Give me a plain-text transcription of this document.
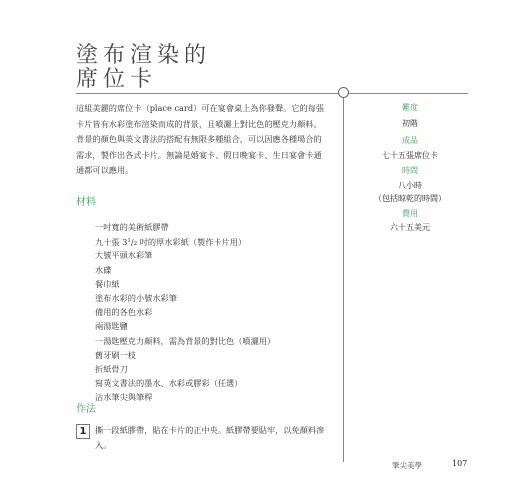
塗布渲染的
席位卡

這組美麗的席位卡（place card）可在宴會桌上為你發聲。它的每張

卡片皆有水彩塗布渲染而成的背景，且噴灑上對比色的壓克力顏料。

背景的顏色與英文書法的搭配有無限多種組合，可以因應各種場合的

需求，製作出各式卡片。無論是婚宴卡、假日晚宴卡、生日宴會卡通

通都可以應用。

材料
一吋寬的美術紙膠帶
九十張 $3^1/2$ 吋的厚水彩紙（製作卡片用）
大號平頭水彩筆
水碟
餐巾紙
塗布水彩的小號水彩筆
備用的各色水彩
兩湯匙鹽
一湯匙壓克力顏料，需為背景的對比色（噴灑用）
舊牙刷一枝
折紙骨刀
寫英文書法的墨水、水彩或膠彩（任選）
沾水筆尖與筆桿
作法
1	撕一段紙膠帶，貼在卡片的正中央。紙膠帶要貼牢，以免顏料滲
入。
難度
初階
成品
七十五張席位卡
時間
八小時
（包括晾乾的時間）
費用
六十五美元
筆尖美學	107
